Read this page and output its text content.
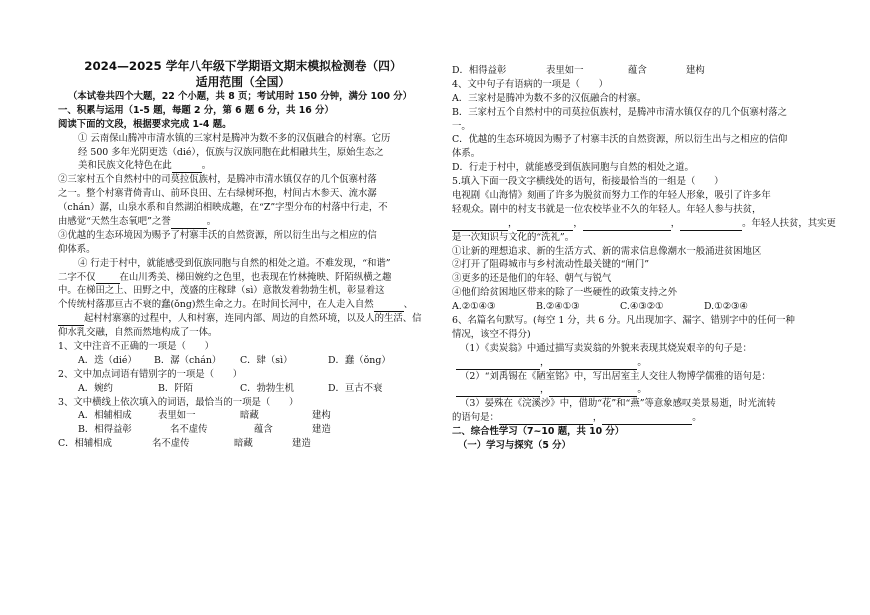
2024—2025 学年八年级下学期语文期末模拟检测卷（四）
适用范围（全国）
（本试卷共四个大题，22 个小题，共 8 页；考试用时 150 分钟，满分 100 分）
一、积累与运用（1-5 题，每题 2 分，第 6 题 6 分，共 16 分）
阅读下面的文段，根据要求完成 1-4 题。
① 云南保山腾冲市清水镇的三家村是腾冲为数不多的汉佤融合的村寨。它历
经 500 多年光阴更迭（dié），佤族与汉族同胞在此相融共生，原始生态之
美和民族文化特色在此	。
②三家村五个自然村中的司莫拉佤族村，是腾冲市清水镇仅存的几个佤寨村落
之一。整个村寨背倚青山、前环良田、左右绿树环抱，村间古木参天、流水潺
（chán）潺，山泉水系和自然湖泊相映成趣，在“Z”字型分布的村落中行走，不
由感觉“天然生态氧吧”之誉	。
③优越的生态环境因为赐予了村寨丰沃的自然资源，所以衍生出与之相应的信
仰体系。
④ 行走于村中，就能感受到佤族同胞与自然的相处之道。不难发现，“和谐”
二字不仅	在山川秀美、梯田婉约之色里，也表现在竹林掩映、阡陌纵横之趣
中。在梯田之上、田野之中，茂盛的庄稼肆（sì）意散发着勃勃生机，彰显着这
个传统村落那亘古不衰的蠢(ǒng)然生命之力。在时间长河中，在人走入自然	、
起村村寨寨的过程中，人和村寨，连同内部、周边的自然环境，以及人的生活、信
仰水乳交融，自然而然地构成了一体。
1、文中注音不正确的一项是（　　）
A．迭（dié） B．潺（chán） C．肆（sì）	D．蠢（ǒng）
2、文中加点词语有错别字的一项是（　　）
A．婉约	B．阡陌	C．勃勃生机	D．亘古不衰
3、文中横线上依次填入的词语，最恰当的一项是（　　）
A．相辅相成	表里如一	暗藏	建构
B．相得益彰	名不虚传	蕴含	建造
C．相辅相成	名不虚传	暗藏	建造
D．相得益彰	表里如一	蕴含	建构
4、文中句子有语病的一项是（　　）
A．三家村是腾冲为数不多的汉佤融合的村寨。
B．三家村五个自然村中的司莫拉佤族村，是腾冲市清水镇仅存的几个佤寨村落之
一。
C．优越的生态环境因为赐予了村寨丰沃的自然资源，所以衍生出与之相应的信仰
体系。
D．行走于村中，就能感受到佤族同胞与自然的相处之道。
5.填入下面一段文字横线处的语句，衔接最恰当的一组是（　　）
电视剧《山海情》刻画了许多为脱贫而努力工作的年轻人形象，吸引了许多年
轻观众。剧中的村支书就是一位农校毕业不久的年轻人。年轻人参与扶贫，
，	，	，	。年轻人扶贫，其实更
是一次知识与文化的“洗礼”。
①让新的理想追求、新的生活方式、新的需求信息像潮水一般涌进贫困地区
②打开了阻碍城市与乡村流动性最关键的“闸门”
③更多的还是他们的年轻、朝气与锐气
④他们给贫困地区带来的除了一些硬性的政策支持之外
A.②①④③	B.②④①③	C.④③②①	D.①②③④
6、名篇名句默写。(每空 1 分，共 6 分。凡出现加字、漏字、错别字中的任何一种
情况，该空不得分)
（1）《卖炭翁》中通过描写卖炭翁的外貌来表现其烧炭艰辛的句子是：
，	。
（2）“刘禹锡在《陋室铭》中，写出居室主人交往人物博学儒雅的语句是：
，	。
（3）晏殊在《浣溪沙》中，借助“花”和“燕”等意象感叹美景易逝，时光流转
的语句是：	，	。
二、综合性学习（7~10 题，共 10 分）
（一）学习与探究（5 分）
